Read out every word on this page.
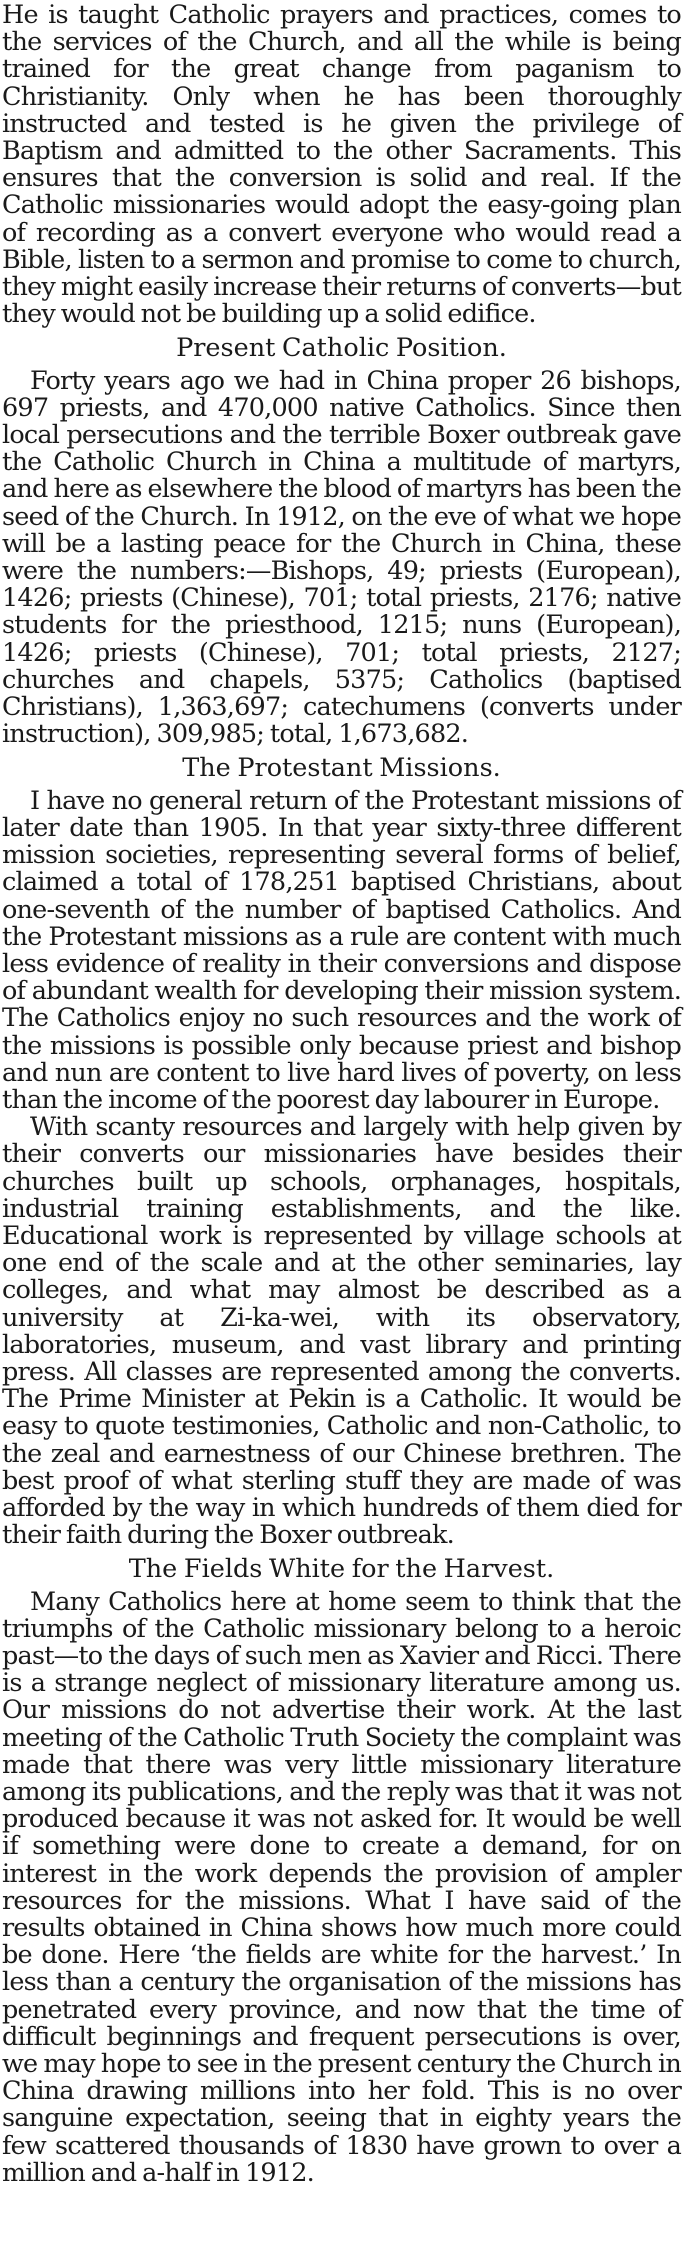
He is taught Catholic prayers and practices, comes to the services of the Church, and all the while is being trained for the great change from paganism to Christianity. Only when he has been thoroughly instructed and tested is he given the privilege of Baptism and admitted to the other Sacraments. This ensures that the conversion is solid and real. If the Catholic missionaries would adopt the easy-going plan of recording as a convert everyone who would read a Bible, listen to a sermon and promise to come to church, they might easily increase their returns of converts—but they would not be building up a solid edifice.

Present Catholic Position.

Forty years ago we had in China proper 26 bishops, 697 priests, and 470,000 native Catholics. Since then local persecutions and the terrible Boxer outbreak gave the Catholic Church in China a multitude of martyrs, and here as elsewhere the blood of martyrs has been the seed of the Church. In 1912, on the eve of what we hope will be a lasting peace for the Church in China, these were the numbers:—Bishops, 49; priests (European), 1426; priests (Chinese), 701; total priests, 2176; native students for the priesthood, 1215; nuns (European), 1426; priests (Chinese), 701; total priests, 2127; churches and chapels, 5375; Catholics (baptised Christians), 1,363,697; catechumens (converts under instruction), 309,985; total, 1,673,682.

The Protestant Missions.

I have no general return of the Protestant missions of later date than 1905. In that year sixty-three different mission societies, representing several forms of belief, claimed a total of 178,251 baptised Christians, about one-seventh of the number of baptised Catholics. And the Protestant missions as a rule are content with much less evidence of reality in their conversions and dispose of abundant wealth for developing their mission system. The Catholics enjoy no such resources and the work of the missions is possible only because priest and bishop and nun are content to live hard lives of poverty, on less than the income of the poorest day labourer in Europe.

With scanty resources and largely with help given by their converts our missionaries have besides their churches built up schools, orphanages, hospitals, industrial training establishments, and the like. Educational work is represented by village schools at one end of the scale and at the other seminaries, lay colleges, and what may almost be described as a university at Zi-ka-wei, with its observatory, laboratories, museum, and vast library and printing press. All classes are represented among the converts. The Prime Minister at Pekin is a Catholic. It would be easy to quote testimonies, Catholic and non-Catholic, to the zeal and earnestness of our Chinese brethren. The best proof of what sterling stuff they are made of was afforded by the way in which hundreds of them died for their faith during the Boxer outbreak.

The Fields White for the Harvest.

Many Catholics here at home seem to think that the triumphs of the Catholic missionary belong to a heroic past—to the days of such men as Xavier and Ricci. There is a strange neglect of missionary literature among us. Our missions do not advertise their work. At the last meeting of the Catholic Truth Society the complaint was made that there was very little missionary literature among its publications, and the reply was that it was not produced because it was not asked for. It would be well if something were done to create a demand, for on interest in the work depends the provision of ampler resources for the missions. What I have said of the results obtained in China shows how much more could be done. Here ‘the fields are white for the harvest.’ In less than a century the organisation of the missions has penetrated every province, and now that the time of difficult beginnings and frequent persecutions is over, we may hope to see in the present century the Church in China drawing millions into her fold. This is no over sanguine expectation, seeing that in eighty years the few scattered thousands of 1830 have grown to over a million and a-half in 1912.
